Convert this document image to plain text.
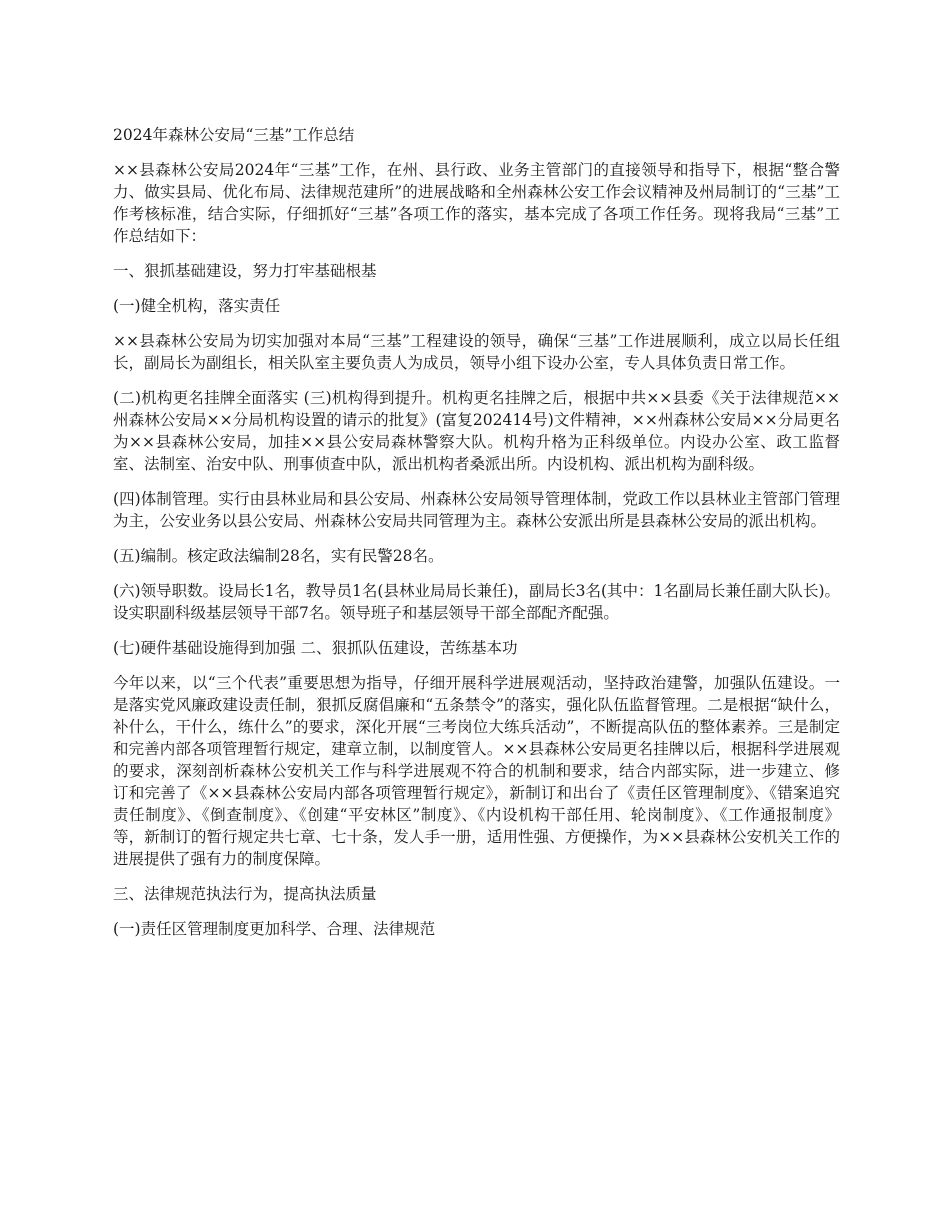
2024年森林公安局“三基”工作总结

××县森林公安局2024年“三基”工作，在州、县行政、业务主管部门的直接领导和指导下，根据“整合警力、做实县局、优化布局、法律规范建所”的进展战略和全州森林公安工作会议精神及州局制订的“三基”工作考核标准，结合实际，仔细抓好“三基”各项工作的落实，基本完成了各项工作任务。现将我局“三基”工作总结如下：

一、狠抓基础建设，努力打牢基础根基

(一)健全机构，落实责任

××县森林公安局为切实加强对本局“三基”工程建设的领导，确保“三基”工作进展顺利，成立以局长任组长，副局长为副组长，相关队室主要负责人为成员，领导小组下设办公室，专人具体负责日常工作。

(二)机构更名挂牌全面落实 (三)机构得到提升。机构更名挂牌之后，根据中共××县委《关于法律规范××州森林公安局××分局机构设置的请示的批复》(富复202414号)文件精神，××州森林公安局××分局更名为××县森林公安局，加挂××县公安局森林警察大队。机构升格为正科级单位。内设办公室、政工监督室、法制室、治安中队、刑事侦查中队，派出机构者桑派出所。内设机构、派出机构为副科级。

(四)体制管理。实行由县林业局和县公安局、州森林公安局领导管理体制，党政工作以县林业主管部门管理为主，公安业务以县公安局、州森林公安局共同管理为主。森林公安派出所是县森林公安局的派出机构。

(五)编制。核定政法编制28名，实有民警28名。

(六)领导职数。设局长1名，教导员1名(县林业局局长兼任)，副局长3名(其中：1名副局长兼任副大队长)。设实职副科级基层领导干部7名。领导班子和基层领导干部全部配齐配强。

(七)硬件基础设施得到加强 二、狠抓队伍建设，苦练基本功

今年以来，以“三个代表”重要思想为指导，仔细开展科学进展观活动，坚持政治建警，加强队伍建设。一是落实党风廉政建设责任制，狠抓反腐倡廉和“五条禁令”的落实，强化队伍监督管理。二是根据“缺什么，补什么，干什么，练什么”的要求，深化开展“三考岗位大练兵活动”，不断提高队伍的整体素养。三是制定和完善内部各项管理暂行规定，建章立制，以制度管人。××县森林公安局更名挂牌以后，根据科学进展观的要求，深刻剖析森林公安机关工作与科学进展观不符合的机制和要求，结合内部实际，进一步建立、修订和完善了《××县森林公安局内部各项管理暂行规定》，新制订和出台了《责任区管理制度》、《错案追究责任制度》、《倒查制度》、《创建“平安林区”制度》、《内设机构干部任用、轮岗制度》、《工作通报制度》等，新制订的暂行规定共七章、七十条，发人手一册，适用性强、方便操作，为××县森林公安机关工作的进展提供了强有力的制度保障。

三、法律规范执法行为，提高执法质量

(一)责任区管理制度更加科学、合理、法律规范
